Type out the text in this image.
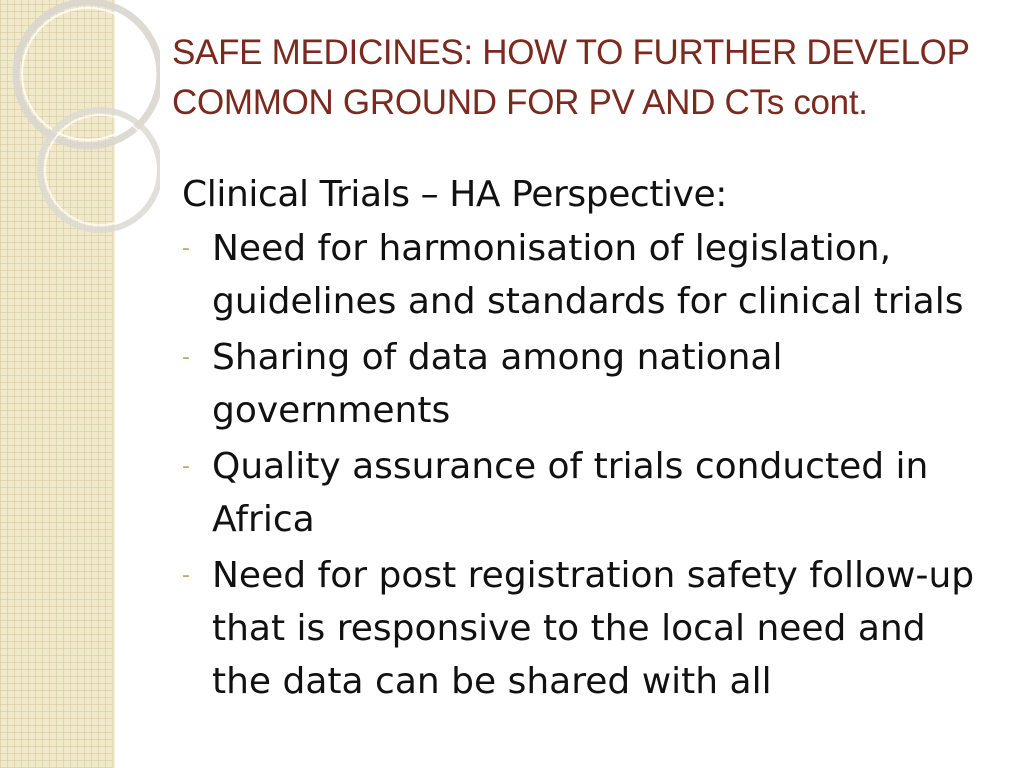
SAFE MEDICINES: HOW TO FURTHER DEVELOP COMMON GROUND FOR PV AND CTs cont.

Clinical Trials – HA Perspective:

- Need for harmonisation of legislation, guidelines and standards for clinical trials
- Sharing of data among national governments
- Quality assurance of trials conducted in Africa
- Need for post registration safety follow-up that is responsive to the local need and the data can be shared with all
